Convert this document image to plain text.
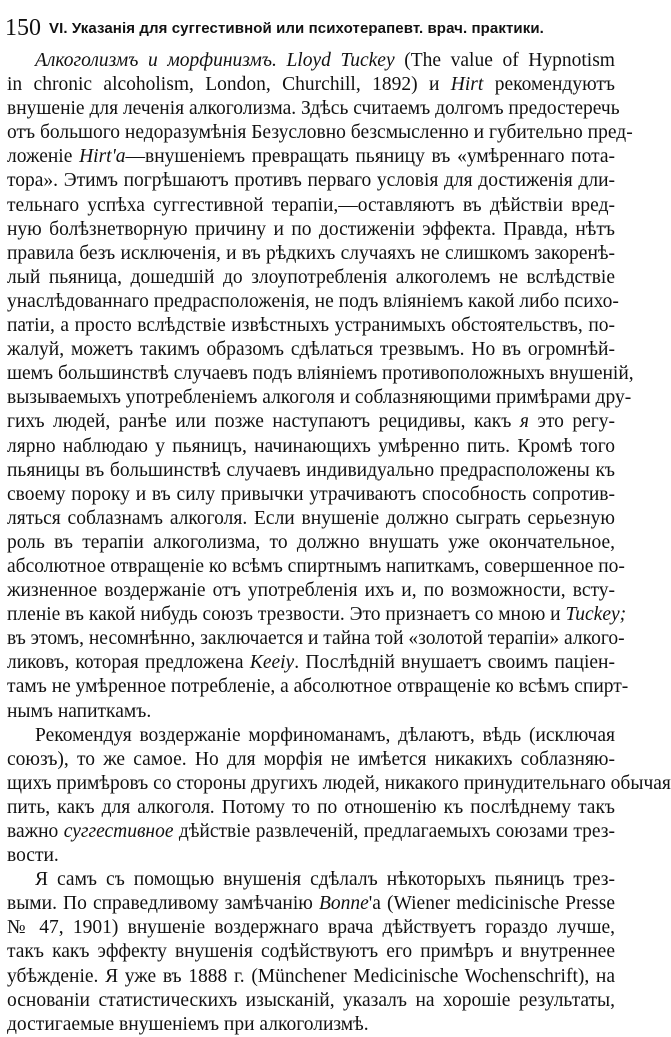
150 VI. Указанія для суггестивной или психотерапевт. врач. практики.
Алкоголизмъ и морфинизмъ. Lloyd Tuckey (The value of Hypnotism
in chronic alcoholism, London, Churchill, 1892) и Hirt рекомендуютъ
внушеніе для леченія алкоголизма. Здѣсь считаемъ долгомъ предостеречь
отъ большого недоразумѣнія Безусловно безсмысленно и губительно пред-
ложеніе Hirt'a—внушеніемъ превращать пьяницу въ «умѣреннаго пота-
тора». Этимъ погрѣшаютъ противъ перваго условія для достиженія дли-
тельнаго успѣха суггестивной терапіи,—оставляютъ въ дѣйствіи вред-
ную болѣзнетворную причину и по достиженіи эффекта. Правда, нѣтъ
правила безъ исключенія, и въ рѣдкихъ случаяхъ не слишкомъ закоренѣ-
лый пьяница, дошедшій до злоупотребленія алкоголемъ не вслѣдствіе
унаслѣдованнаго предрасположенія, не подъ вліяніемъ какой либо психо-
патіи, а просто вслѣдствіе извѣстныхъ устранимыхъ обстоятельствъ, по-
жалуй, можетъ такимъ образомъ сдѣлаться трезвымъ. Но въ огромнѣй-
шемъ большинствѣ случаевъ подъ вліяніемъ противоположныхъ внушеній,
вызываемыхъ употребленіемъ алкоголя и соблазняющими примѣрами дру-
гихъ людей, ранѣе или позже наступаютъ рецидивы, какъ я это регу-
лярно наблюдаю у пьяницъ, начинающихъ умѣренно пить. Кромѣ того
пьяницы въ большинствѣ случаевъ индивидуально предрасположены къ
своему пороку и въ силу привычки утрачиваютъ способность сопротив-
ляться соблазнамъ алкоголя. Если внушеніе должно сыграть серьезную
роль въ терапіи алкоголизма, то должно внушать уже окончательное,
абсолютное отвращеніе ко всѣмъ спиртнымъ напиткамъ, совершенное по-
жизненное воздержаніе отъ употребленія ихъ и, по возможности, всту-
пленіе въ какой нибудь союзъ трезвости. Это признаетъ со мною и Tuckey;
въ этомъ, несомнѣнно, заключается и тайна той «золотой терапіи» алкого-
ликовъ, которая предложена Keeiy. Послѣдній внушаетъ своимъ паціен-
тамъ не умѣренное потребленіе, а абсолютное отвращеніе ко всѣмъ спирт-
нымъ напиткамъ.
Рекомендуя воздержаніе морфиноманамъ, дѣлаютъ, вѣдь (исключая
союзъ), то же самое. Но для морфія не имѣется никакихъ соблазняю-
щихъ примѣровъ со стороны другихъ людей, никакого принудительнаго обычая
пить, какъ для алкоголя. Потому то по отношенію къ послѣднему такъ
важно суггестивное дѣйствіе развлеченій, предлагаемыхъ союзами трез-
вости.
Я самъ съ помощью внушенія сдѣлалъ нѣкоторыхъ пьяницъ трез-
выми. По справедливому замѣчанію Bonne'a (Wiener medicinische Presse
№ 47, 1901) внушеніе воздержнаго врача дѣйствуетъ гораздо лучше,
такъ какъ эффекту внушенія содѣйствуютъ его примѣръ и внутреннее
убѣжденіе. Я уже въ 1888 г. (Münchener Medicinische Wochenschrift), на
основаніи статистическихъ изысканій, указалъ на хорошіе результаты,
достигаемые внушеніемъ при алкоголизмѣ.
